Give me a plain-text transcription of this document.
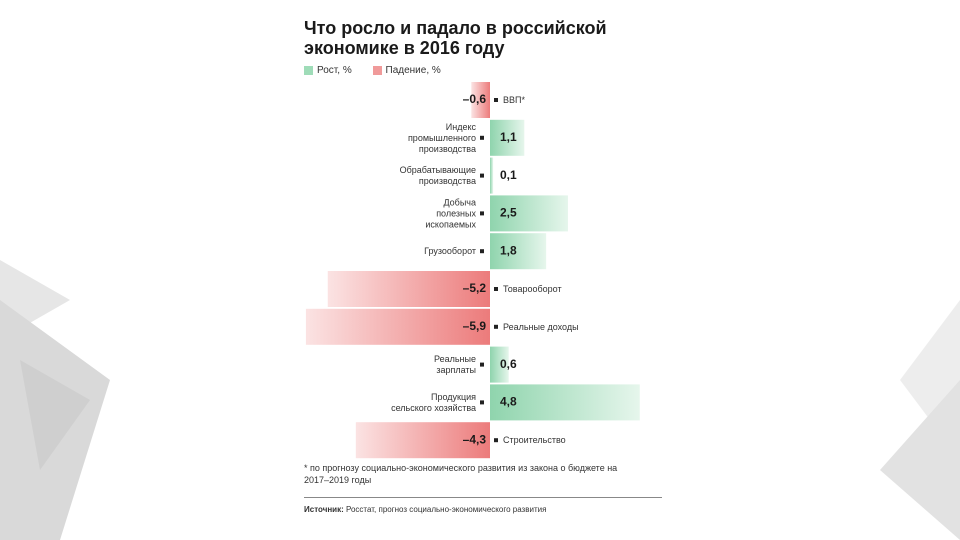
Что росло и падало в российской
экономике в 2016 году
Рост, %
	Падение, %
–0,6 ВВП*
1,1
Индекс промышленного производства
0,1
Обрабатывающие производства
2,5
Добыча полезных ископаемых
1,8
Грузооборот
–5,2 Товарооборот
–5,9 Реальные доходы
0,6
Реальные зарплаты
4,8
Продукция сельского хозяйства
–4,3 Строительство
* по прогнозу социально-экономического развития из закона о бюджете на 2017–2019 годы
Источник: Росстат, прогноз социально-экономического развития
